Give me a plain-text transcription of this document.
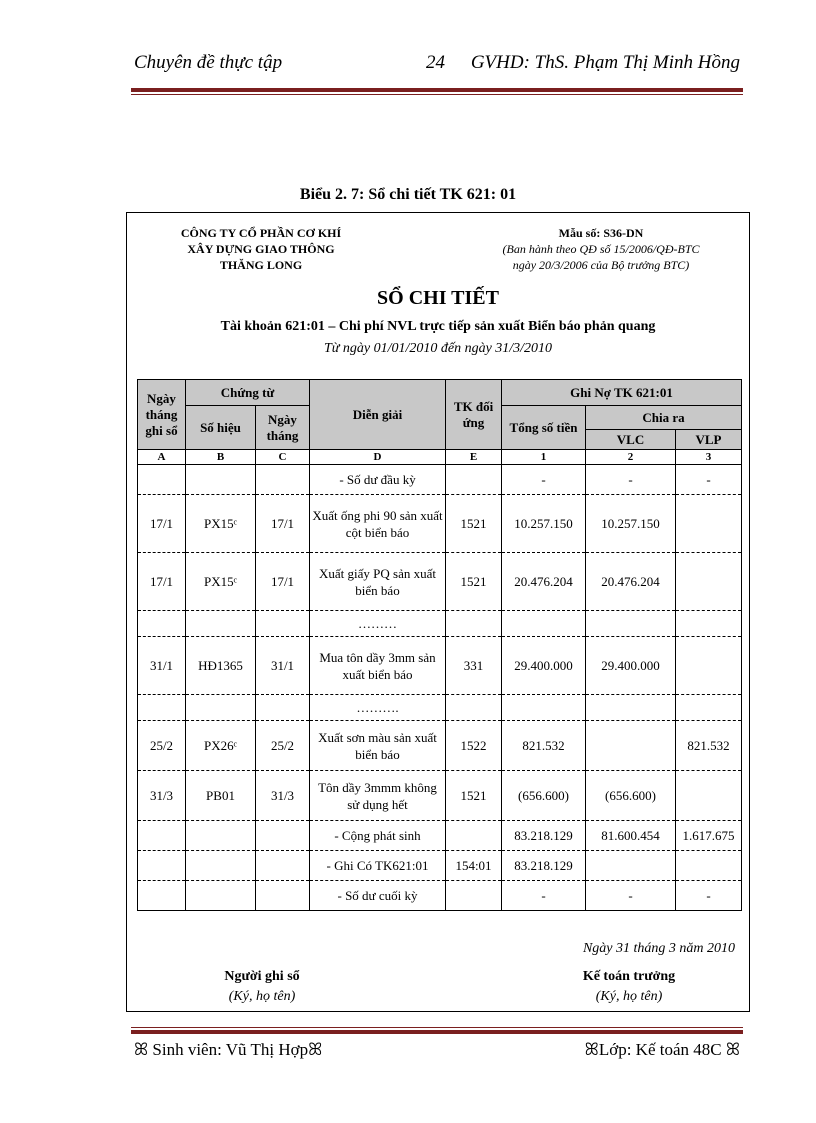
Chuyên đề thực tập	24 GVHD: ThS. Phạm Thị Minh Hồng
Biểu 2. 7: Sổ chi tiết TK 621: 01
CÔNG TY CỔ PHẦN CƠ KHÍ
XÂY DỰNG GIAO THÔNG
THĂNG LONG
Mẫu số: S36-DN
(Ban hành theo QĐ số 15/2006/QĐ-BTC
ngày 20/3/2006 của Bộ trưởng BTC)
SỔ CHI TIẾT
Tài khoản 621:01 – Chi phí NVL trực tiếp sản xuất Biển báo phản quang
Từ ngày 01/01/2010 đến ngày 31/3/2010
Ngày tháng ghi sổ	Chứng từ		Diễn giải	TK đối ứng	Ghi Nợ TK 621:01		
	Số hiệu	Ngày tháng			Tổng số tiền	Chia ra	
						VLC	VLP
A	B	C	D	E	1	2	3
			- Số dư đầu kỳ		-	-	-
17/1	PX15ᶜ	17/1	Xuất ống phi 90 sản xuất cột biển báo	1521	10.257.150	10.257.150	
17/1	PX15ᶜ	17/1	Xuất giấy PQ sản xuất biển báo	1521	20.476.204	20.476.204	
			………				
31/1	HĐ1365	31/1	Mua tôn dầy 3mm sản xuất biển báo	331	29.400.000	29.400.000	
			……….				
25/2	PX26ᶜ	25/2	Xuất sơn màu sản xuất biển báo	1522	821.532		821.532
31/3	PB01	31/3	Tôn dầy 3mmm không sử dụng hết	1521	(656.600)	(656.600)	
			- Cộng phát sinh		83.218.129	81.600.454	1.617.675
			- Ghi Có TK621:01	154:01	83.218.129		
			- Số dư cuối kỳ		-	-	-
Ngày 31 tháng 3 năm 2010
Người ghi sổ
(Ký, họ tên)
Kế toán trưởng
(Ký, họ tên)
ꕤ Sinh viên: Vũ Thị Hợpꕤ	ꕤLớp: Kế toán 48C ꕤ
